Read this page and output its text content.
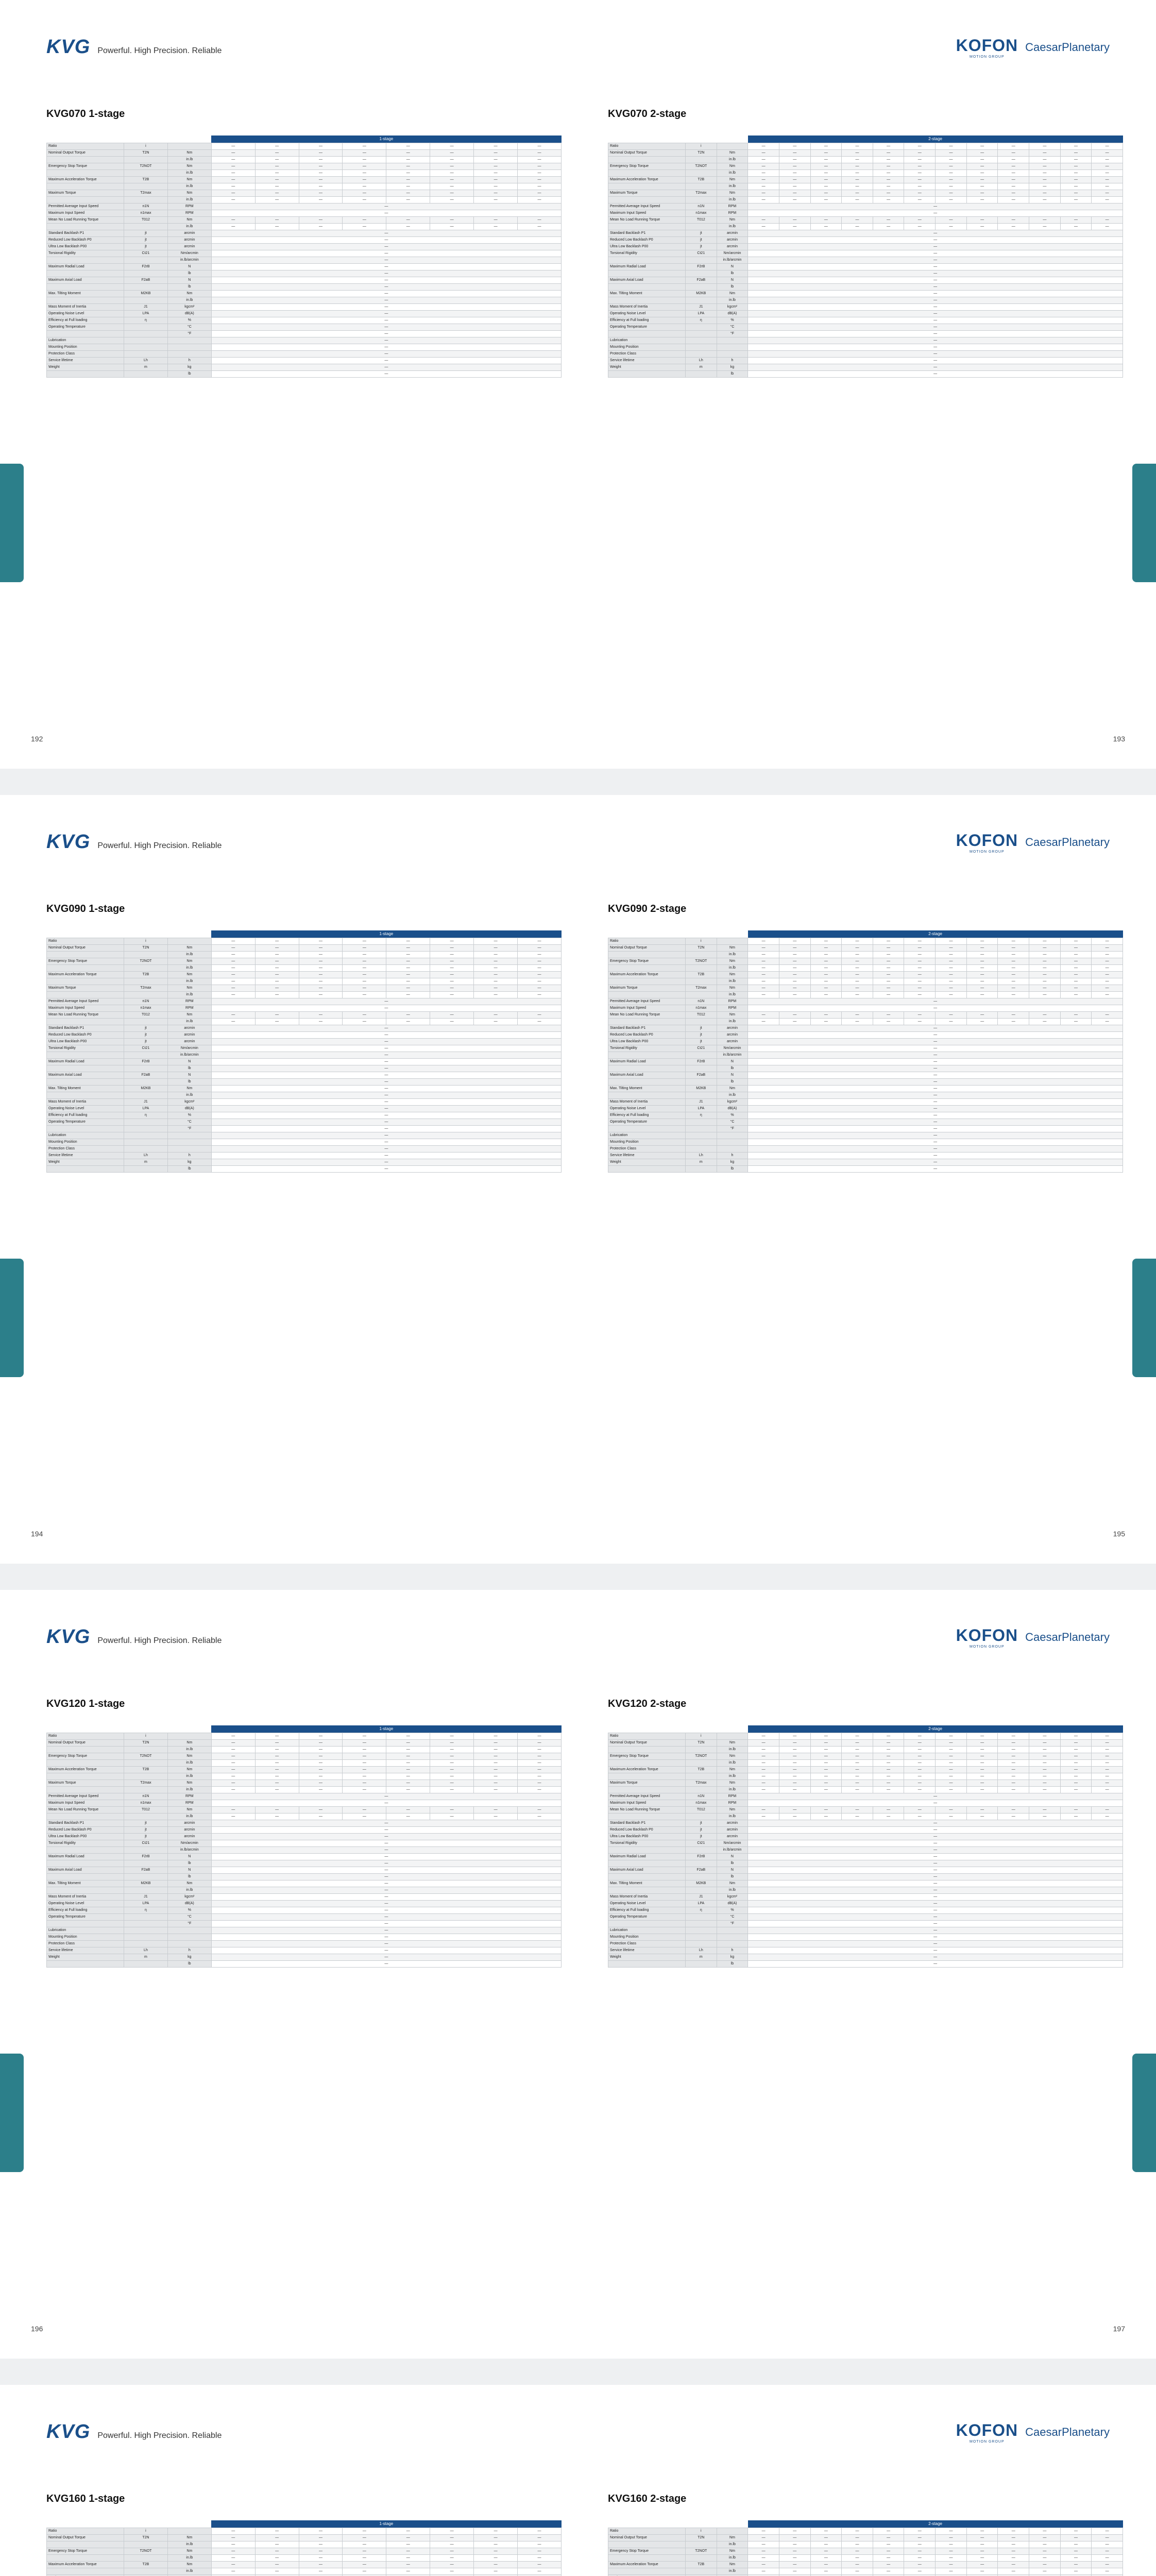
KVG Powerful. High Precision. Reliable	KOFON
MOTION GROUP
CaesarPlanetary
KVG070 1-stage
			1-stage							
Ratio	i		—	—	—	—	—	—	—	—
Nominal Output Torque	T2N	Nm	—	—	—	—	—	—	—	—
		in.lb	—	—	—	—	—	—	—	—
Emergency Stop Torque	T2NOT	Nm	—	—	—	—	—	—	—	—
		in.lb	—	—	—	—	—	—	—	—
Maximum Acceleration Torque	T2B	Nm	—	—	—	—	—	—	—	—
		in.lb	—	—	—	—	—	—	—	—
Maximum Torque	T2max	Nm	—	—	—	—	—	—	—	—
		in.lb	—	—	—	—	—	—	—	—
Permitted Average Input Speed	n1N	RPM	—							
Maximum Input Speed	n1max	RPM	—							
Mean No Load Running Torque	T012	Nm	—	—	—	—	—	—	—	—
		in.lb	—	—	—	—	—	—	—	—
Standard Backlash P1	jt	arcmin	—							
Reduced Low Backlash P0	jt	arcmin	—							
Ultra Low Backlash P00	jt	arcmin	—							
Torsional Rigidity	Ct21	Nm/arcmin	—							
		in.lb/arcmin	—							
Maximum Radial Load	F2rB	N	—							
		lb	—							
Maximum Axial Load	F2aB	N	—							
		lb	—							
Max. Tilting Moment	M2KB	Nm	—							
		in.lb	—							
Mass Moment of Inertia	J1	kgcm²	—							
Operating Noise Level	LPA	dB(A)	—							
Efficiency at Full loading	η	%	—							
Operating Temperature		°C	—							
		°F	—							
Lubrication			—							
Mounting Position			—							
Protection Class			—							
Service lifetime	Lh	h	—							
Weight	m	kg	—							
		lb	—							
KVG070 2-stage
			2-stage											
Ratio	i		—	—	—	—	—	—	—	—	—	—	—	—
Nominal Output Torque	T2N	Nm	—	—	—	—	—	—	—	—	—	—	—	—
		in.lb	—	—	—	—	—	—	—	—	—	—	—	—
Emergency Stop Torque	T2NOT	Nm	—	—	—	—	—	—	—	—	—	—	—	—
		in.lb	—	—	—	—	—	—	—	—	—	—	—	—
Maximum Acceleration Torque	T2B	Nm	—	—	—	—	—	—	—	—	—	—	—	—
		in.lb	—	—	—	—	—	—	—	—	—	—	—	—
Maximum Torque	T2max	Nm	—	—	—	—	—	—	—	—	—	—	—	—
		in.lb	—	—	—	—	—	—	—	—	—	—	—	—
Permitted Average Input Speed	n1N	RPM	—											
Maximum Input Speed	n1max	RPM	—											
Mean No Load Running Torque	T012	Nm	—	—	—	—	—	—	—	—	—	—	—	—
		in.lb	—	—	—	—	—	—	—	—	—	—	—	—
Standard Backlash P1	jt	arcmin	—											
Reduced Low Backlash P0	jt	arcmin	—											
Ultra Low Backlash P00	jt	arcmin	—											
Torsional Rigidity	Ct21	Nm/arcmin	—											
		in.lb/arcmin	—											
Maximum Radial Load	F2rB	N	—											
		lb	—											
Maximum Axial Load	F2aB	N	—											
		lb	—											
Max. Tilting Moment	M2KB	Nm	—											
		in.lb	—											
Mass Moment of Inertia	J1	kgcm²	—											
Operating Noise Level	LPA	dB(A)	—											
Efficiency at Full loading	η	%	—											
Operating Temperature		°C	—											
		°F	—											
Lubrication			—											
Mounting Position			—											
Protection Class			—											
Service lifetime	Lh	h	—											
Weight	m	kg	—											
		lb	—											
192	193
KVG Powerful. High Precision. Reliable	KOFON
MOTION GROUP
CaesarPlanetary
KVG090 1-stage
			1-stage							
Ratio	i		—	—	—	—	—	—	—	—
Nominal Output Torque	T2N	Nm	—	—	—	—	—	—	—	—
		in.lb	—	—	—	—	—	—	—	—
Emergency Stop Torque	T2NOT	Nm	—	—	—	—	—	—	—	—
		in.lb	—	—	—	—	—	—	—	—
Maximum Acceleration Torque	T2B	Nm	—	—	—	—	—	—	—	—
		in.lb	—	—	—	—	—	—	—	—
Maximum Torque	T2max	Nm	—	—	—	—	—	—	—	—
		in.lb	—	—	—	—	—	—	—	—
Permitted Average Input Speed	n1N	RPM	—							
Maximum Input Speed	n1max	RPM	—							
Mean No Load Running Torque	T012	Nm	—	—	—	—	—	—	—	—
		in.lb	—	—	—	—	—	—	—	—
Standard Backlash P1	jt	arcmin	—							
Reduced Low Backlash P0	jt	arcmin	—							
Ultra Low Backlash P00	jt	arcmin	—							
Torsional Rigidity	Ct21	Nm/arcmin	—							
		in.lb/arcmin	—							
Maximum Radial Load	F2rB	N	—							
		lb	—							
Maximum Axial Load	F2aB	N	—							
		lb	—							
Max. Tilting Moment	M2KB	Nm	—							
		in.lb	—							
Mass Moment of Inertia	J1	kgcm²	—							
Operating Noise Level	LPA	dB(A)	—							
Efficiency at Full loading	η	%	—							
Operating Temperature		°C	—							
		°F	—							
Lubrication			—							
Mounting Position			—							
Protection Class			—							
Service lifetime	Lh	h	—							
Weight	m	kg	—							
		lb	—							
KVG090 2-stage
			2-stage											
Ratio	i		—	—	—	—	—	—	—	—	—	—	—	—
Nominal Output Torque	T2N	Nm	—	—	—	—	—	—	—	—	—	—	—	—
		in.lb	—	—	—	—	—	—	—	—	—	—	—	—
Emergency Stop Torque	T2NOT	Nm	—	—	—	—	—	—	—	—	—	—	—	—
		in.lb	—	—	—	—	—	—	—	—	—	—	—	—
Maximum Acceleration Torque	T2B	Nm	—	—	—	—	—	—	—	—	—	—	—	—
		in.lb	—	—	—	—	—	—	—	—	—	—	—	—
Maximum Torque	T2max	Nm	—	—	—	—	—	—	—	—	—	—	—	—
		in.lb	—	—	—	—	—	—	—	—	—	—	—	—
Permitted Average Input Speed	n1N	RPM	—											
Maximum Input Speed	n1max	RPM	—											
Mean No Load Running Torque	T012	Nm	—	—	—	—	—	—	—	—	—	—	—	—
		in.lb	—	—	—	—	—	—	—	—	—	—	—	—
Standard Backlash P1	jt	arcmin	—											
Reduced Low Backlash P0	jt	arcmin	—											
Ultra Low Backlash P00	jt	arcmin	—											
Torsional Rigidity	Ct21	Nm/arcmin	—											
		in.lb/arcmin	—											
Maximum Radial Load	F2rB	N	—											
		lb	—											
Maximum Axial Load	F2aB	N	—											
		lb	—											
Max. Tilting Moment	M2KB	Nm	—											
		in.lb	—											
Mass Moment of Inertia	J1	kgcm²	—											
Operating Noise Level	LPA	dB(A)	—											
Efficiency at Full loading	η	%	—											
Operating Temperature		°C	—											
		°F	—											
Lubrication			—											
Mounting Position			—											
Protection Class			—											
Service lifetime	Lh	h	—											
Weight	m	kg	—											
		lb	—											
194	195
KVG Powerful. High Precision. Reliable	KOFON
MOTION GROUP
CaesarPlanetary
KVG120 1-stage
			1-stage							
Ratio	i		—	—	—	—	—	—	—	—
Nominal Output Torque	T2N	Nm	—	—	—	—	—	—	—	—
		in.lb	—	—	—	—	—	—	—	—
Emergency Stop Torque	T2NOT	Nm	—	—	—	—	—	—	—	—
		in.lb	—	—	—	—	—	—	—	—
Maximum Acceleration Torque	T2B	Nm	—	—	—	—	—	—	—	—
		in.lb	—	—	—	—	—	—	—	—
Maximum Torque	T2max	Nm	—	—	—	—	—	—	—	—
		in.lb	—	—	—	—	—	—	—	—
Permitted Average Input Speed	n1N	RPM	—							
Maximum Input Speed	n1max	RPM	—							
Mean No Load Running Torque	T012	Nm	—	—	—	—	—	—	—	—
		in.lb	—	—	—	—	—	—	—	—
Standard Backlash P1	jt	arcmin	—							
Reduced Low Backlash P0	jt	arcmin	—							
Ultra Low Backlash P00	jt	arcmin	—							
Torsional Rigidity	Ct21	Nm/arcmin	—							
		in.lb/arcmin	—							
Maximum Radial Load	F2rB	N	—							
		lb	—							
Maximum Axial Load	F2aB	N	—							
		lb	—							
Max. Tilting Moment	M2KB	Nm	—							
		in.lb	—							
Mass Moment of Inertia	J1	kgcm²	—							
Operating Noise Level	LPA	dB(A)	—							
Efficiency at Full loading	η	%	—							
Operating Temperature		°C	—							
		°F	—							
Lubrication			—							
Mounting Position			—							
Protection Class			—							
Service lifetime	Lh	h	—							
Weight	m	kg	—							
		lb	—							
KVG120 2-stage
			2-stage											
Ratio	i		—	—	—	—	—	—	—	—	—	—	—	—
Nominal Output Torque	T2N	Nm	—	—	—	—	—	—	—	—	—	—	—	—
		in.lb	—	—	—	—	—	—	—	—	—	—	—	—
Emergency Stop Torque	T2NOT	Nm	—	—	—	—	—	—	—	—	—	—	—	—
		in.lb	—	—	—	—	—	—	—	—	—	—	—	—
Maximum Acceleration Torque	T2B	Nm	—	—	—	—	—	—	—	—	—	—	—	—
		in.lb	—	—	—	—	—	—	—	—	—	—	—	—
Maximum Torque	T2max	Nm	—	—	—	—	—	—	—	—	—	—	—	—
		in.lb	—	—	—	—	—	—	—	—	—	—	—	—
Permitted Average Input Speed	n1N	RPM	—											
Maximum Input Speed	n1max	RPM	—											
Mean No Load Running Torque	T012	Nm	—	—	—	—	—	—	—	—	—	—	—	—
		in.lb	—	—	—	—	—	—	—	—	—	—	—	—
Standard Backlash P1	jt	arcmin	—											
Reduced Low Backlash P0	jt	arcmin	—											
Ultra Low Backlash P00	jt	arcmin	—											
Torsional Rigidity	Ct21	Nm/arcmin	—											
		in.lb/arcmin	—											
Maximum Radial Load	F2rB	N	—											
		lb	—											
Maximum Axial Load	F2aB	N	—											
		lb	—											
Max. Tilting Moment	M2KB	Nm	—											
		in.lb	—											
Mass Moment of Inertia	J1	kgcm²	—											
Operating Noise Level	LPA	dB(A)	—											
Efficiency at Full loading	η	%	—											
Operating Temperature		°C	—											
		°F	—											
Lubrication			—											
Mounting Position			—											
Protection Class			—											
Service lifetime	Lh	h	—											
Weight	m	kg	—											
		lb	—											
196	197
KVG Powerful. High Precision. Reliable	KOFON
MOTION GROUP
CaesarPlanetary
KVG160 1-stage
			1-stage							
Ratio	i		—	—	—	—	—	—	—	—
Nominal Output Torque	T2N	Nm	—	—	—	—	—	—	—	—
		in.lb	—	—	—	—	—	—	—	—
Emergency Stop Torque	T2NOT	Nm	—	—	—	—	—	—	—	—
		in.lb	—	—	—	—	—	—	—	—
Maximum Acceleration Torque	T2B	Nm	—	—	—	—	—	—	—	—
		in.lb	—	—	—	—	—	—	—	—

KVG160 2-stage
			2-stage											
Ratio	i		—	—	—	—	—	—	—	—	—	—	—	—
Nominal Output Torque	T2N	Nm	—	—	—	—	—	—	—	—	—	—	—	—
		in.lb	—	—	—	—	—	—	—	—	—	—	—	—
Emergency Stop Torque	T2NOT	Nm	—	—	—	—	—	—	—	—	—	—	—	—
		in.lb	—	—	—	—	—	—	—	—	—	—	—	—
Maximum Acceleration Torque	T2B	Nm	—	—	—	—	—	—	—	—	—	—	—	—
		in.lb	—	—	—	—	—	—	—	—	—	—	—	—
